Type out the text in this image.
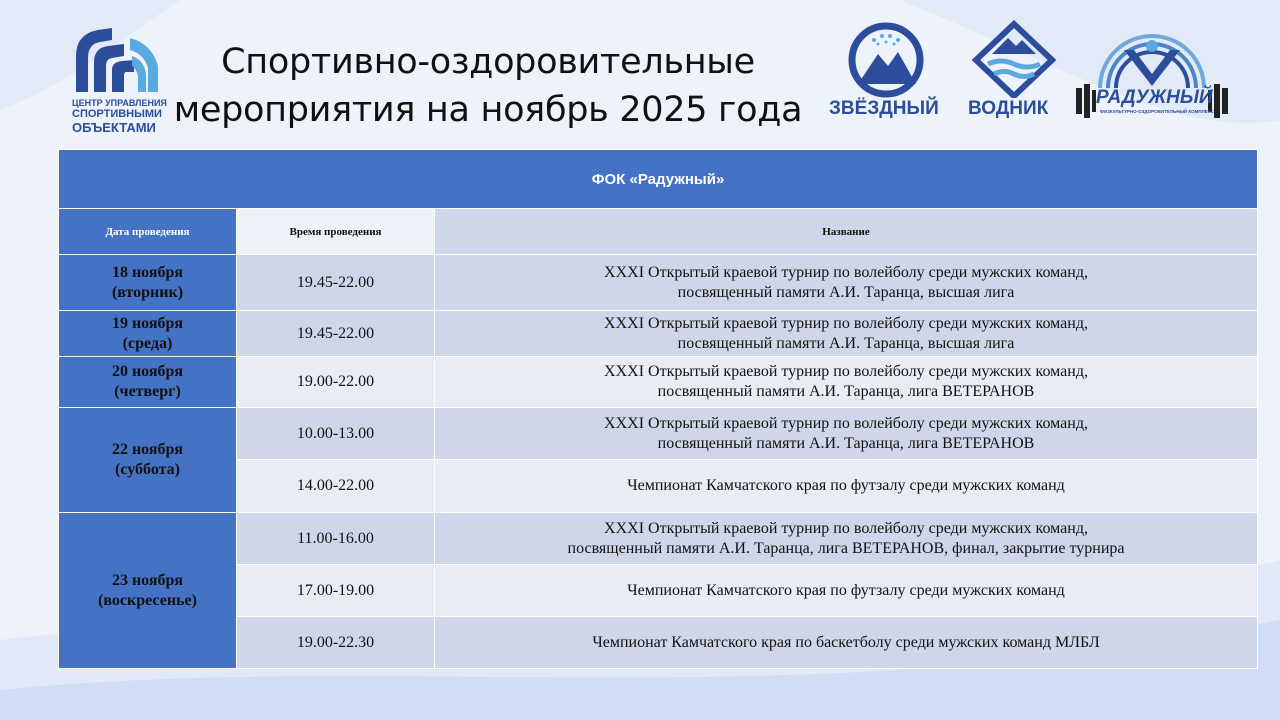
Спортивно-оздоровительные
мероприятия на ноябрь 2025 года
ЦЕНТР УПРАВЛЕНИЯ
СПОРТИВНЫМИ
ОБЪЕКТАМИ
ЗВЁЗДНЫЙ ВОДНИК
РАДУЖНЫЙ
ФИЗКУЛЬТУРНО-ОЗДОРОВИТЕЛЬНЫЙ КОМПЛЕКС
ФОК «Радужный»		
Дата проведения	Время проведения	Название

18 ноября
(вторник)	19.45-22.00	XXXI Открытый краевой турнир по волейболу среди мужских команд,
посвященный памяти А.И. Таранца, высшая лига

19 ноября
(среда)	19.45-22.00	XXXI Открытый краевой турнир по волейболу среди мужских команд,
посвященный памяти А.И. Таранца, высшая лига

20 ноября
(четверг)	19.00-22.00	XXXI Открытый краевой турнир по волейболу среди мужских команд,
посвященный памяти А.И. Таранца, лига ВЕТЕРАНОВ

22 ноября
(суббота)	10.00-13.00	XXXI Открытый краевой турнир по волейболу среди мужских команд,
посвященный памяти А.И. Таранца, лига ВЕТЕРАНОВ

	14.00-22.00	Чемпионат Камчатского края по футзалу среди мужских команд

23 ноября
(воскресенье)	11.00-16.00	XXXI Открытый краевой турнир по волейболу среди мужских команд,
посвященный памяти А.И. Таранца, лига ВЕТЕРАНОВ, финал, закрытие турнира

	17.00-19.00	Чемпионат Камчатского края по футзалу среди мужских команд

	19.00-22.30	Чемпионат Камчатского края по баскетболу среди мужских команд МЛБЛ
